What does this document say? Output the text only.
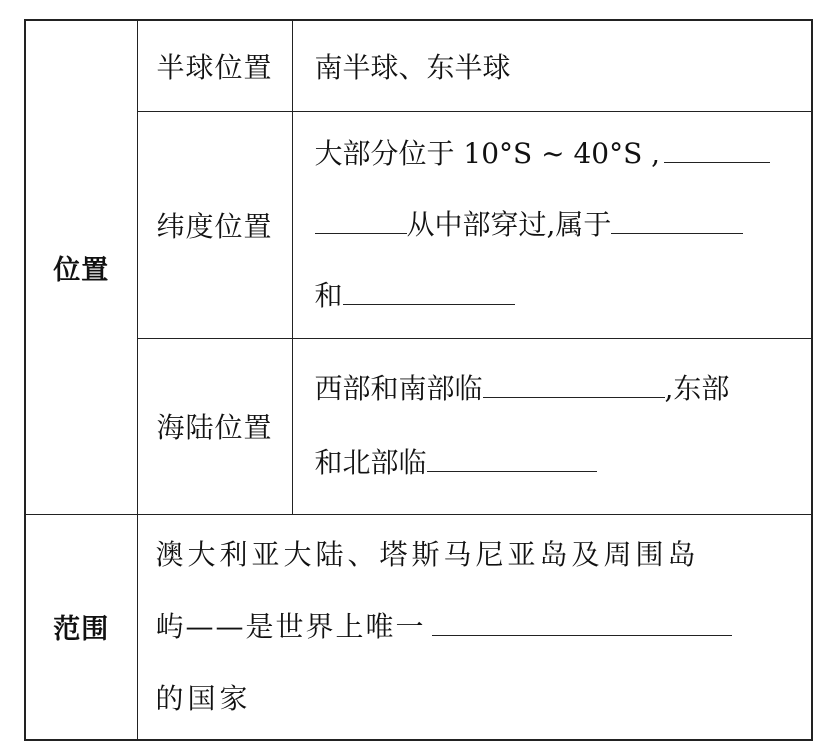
位置	半球位置	南半球、东半球

	纬度位置	大部分位于 10°S ~ 40°S ,
从中部穿过,属于
和

	海陆位置	西部和南部临 ,东部
和北部临

范围	澳大利亚大陆、塔斯马尼亚岛及周围岛
屿——是世界上唯一
的国家	
